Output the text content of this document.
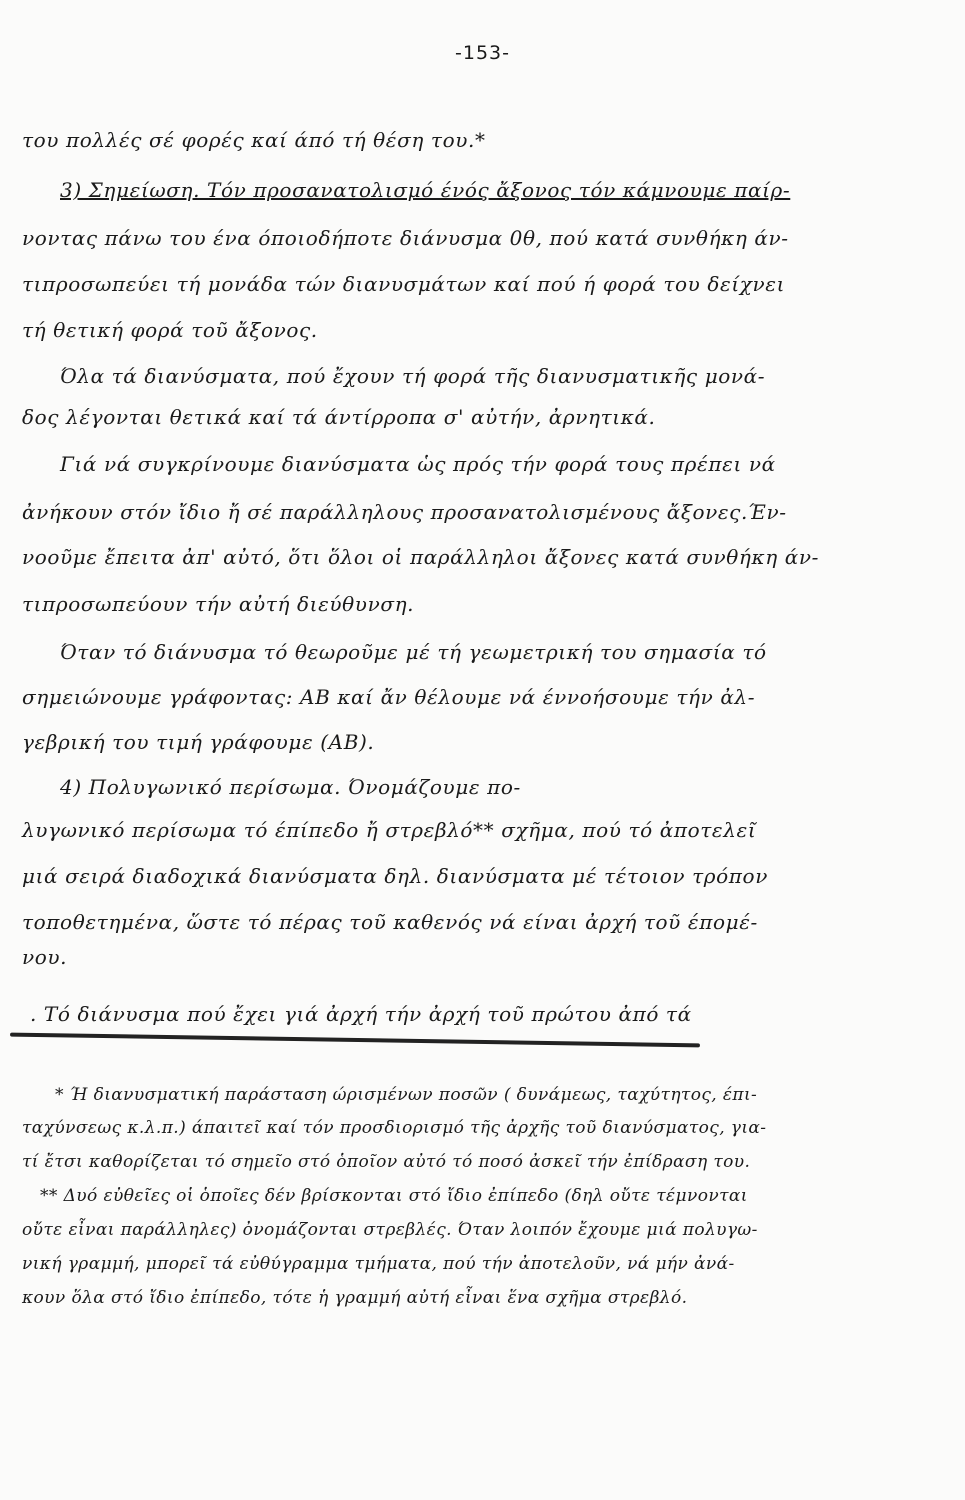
-153-
του πολλές σέ φορές καί άπό τή θέση του.*
3) Σημείωση. Τόν προσανατολισμό ένός ἄξονος τόν κάμνουμε παίρ-
νοντας πάνω του ένα όποιοδήποτε διάνυσμα 0θ, πού κατά συνθήκη άν-
τιπροσωπεύει τή μονάδα τών διανυσμάτων καί πού ή φορά του δείχνει
τή θετική φορά τοῦ ἄξονος.
Όλα τά διανύσματα, πού ἔχουν τή φορά τῆς διανυσματικῆς μονά-
δος λέγονται θετικά καί τά άντίρροπα σ' αὐτήν, ἀρνητικά.
Γιά νά συγκρίνουμε διανύσματα ὡς πρός τήν φορά τους πρέπει νά
ἀνήκουν στόν ἴδιο ἤ σέ παράλληλους προσανατολισμένους ἄξονες.Έν-
νοοῦμε ἔπειτα ἀπ' αὐτό, ὅτι ὅλοι οἱ παράλληλοι ἄξονες κατά συνθήκη άν-
τιπροσωπεύουν τήν αὐτή διεύθυνση.
Όταν τό διάνυσμα τό θεωροῦμε μέ τή γεωμετρική του σημασία τό
σημειώνουμε γράφοντας: AB καί ἄν θέλουμε νά έννοήσουμε τήν ἀλ-
γεβρική του τιμή γράφουμε (AB).
4) Πολυγωνικό περίσωμα. Όνομάζουμε πο-
λυγωνικό περίσωμα τό έπίπεδο ἤ στρεβλό** σχῆμα, πού τό ἀποτελεῖ
μιά σειρά διαδοχικά διανύσματα δηλ. διανύσματα μέ τέτοιον τρόπον
τοποθετημένα, ὥστε τό πέρας τοῦ καθενός νά είναι ἀρχή τοῦ έπομέ-
νου.
. Τό διάνυσμα πού ἔχει γιά ἀρχή τήν ἀρχή τοῦ πρώτου ἀπό τά
* Ή διανυσματική παράσταση ώρισμένων ποσῶν ( δυνάμεως, ταχύτητος, έπι-
ταχύνσεως κ.λ.π.) άπαιτεῖ καί τόν προσδιορισμό τῆς ἀρχῆς τοῦ διανύσματος, για-
τί ἔτσι καθορίζεται τό σημεῖο στό ὁποῖον αὐτό τό ποσό ἀσκεῖ τήν ἐπίδραση του.
** Δυό εὐθεῖες οἱ ὁποῖες δέν βρίσκονται στό ἴδιο ἐπίπεδο (δηλ οὔτε τέμνονται
οὔτε εἶναι παράλληλες) ὀνομάζονται στρεβλές. Όταν λοιπόν ἔχουμε μιά πολυγω-
νική γραμμή, μπορεῖ τά εὐθύγραμμα τμήματα, πού τήν ἀποτελοῦν, νά μήν ἀνά-
κουν ὅλα στό ἴδιο ἐπίπεδο, τότε ἡ γραμμή αὐτή εἶναι ἕνα σχῆμα στρεβλό.
